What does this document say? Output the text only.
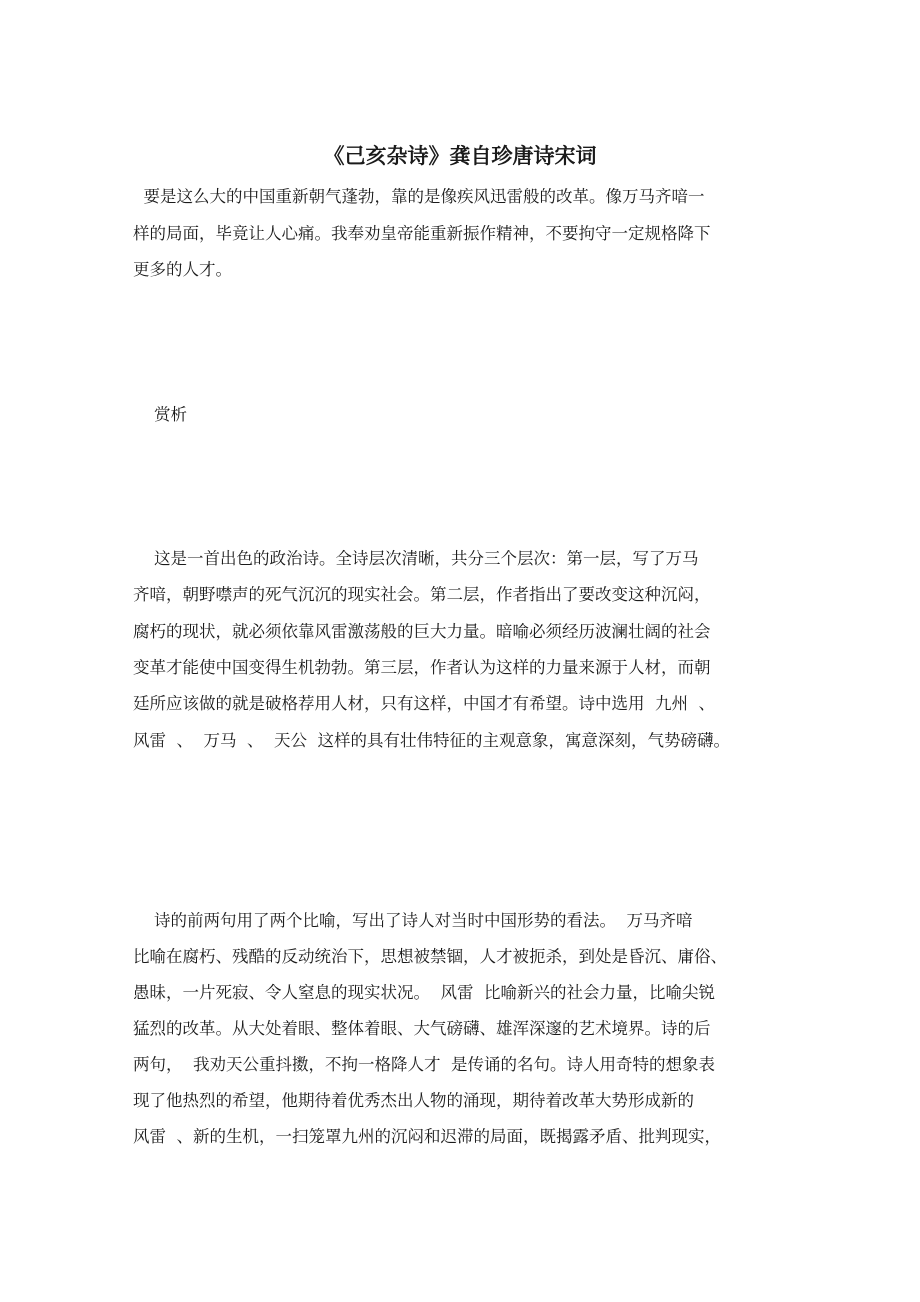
《己亥杂诗》龚自珍唐诗宋词
要是这么大的中国重新朝气蓬勃，靠的是像疾风迅雷般的改革。像万马齐喑一
样的局面，毕竟让人心痛。我奉劝皇帝能重新振作精神，不要拘守一定规格降下
更多的人才。
赏析
这是一首出色的政治诗。全诗层次清晰，共分三个层次：第一层，写了万马
齐喑，朝野噤声的死气沉沉的现实社会。第二层，作者指出了要改变这种沉闷，
腐朽的现状，就必须依靠风雷激荡般的巨大力量。暗喻必须经历波澜壮阔的社会
变革才能使中国变得生机勃勃。第三层，作者认为这样的力量来源于人材，而朝
廷所应该做的就是破格荐用人材，只有这样，中国才有希望。诗中选用  九州  、
风雷  、  万马  、  天公  这样的具有壮伟特征的主观意象，寓意深刻，气势磅礴。
诗的前两句用了两个比喻，写出了诗人对当时中国形势的看法。  万马齐喑
比喻在腐朽、残酷的反动统治下，思想被禁锢，人才被扼杀，到处是昏沉、庸俗、
愚昧，一片死寂、令人窒息的现实状况。  风雷  比喻新兴的社会力量，比喻尖锐
猛烈的改革。从大处着眼、整体着眼、大气磅礴、雄浑深邃的艺术境界。诗的后
两句，  我劝天公重抖擞，不拘一格降人才  是传诵的名句。诗人用奇特的想象表
现了他热烈的希望，他期待着优秀杰出人物的涌现，期待着改革大势形成新的
风雷  、新的生机，一扫笼罩九州的沉闷和迟滞的局面，既揭露矛盾、批判现实，
